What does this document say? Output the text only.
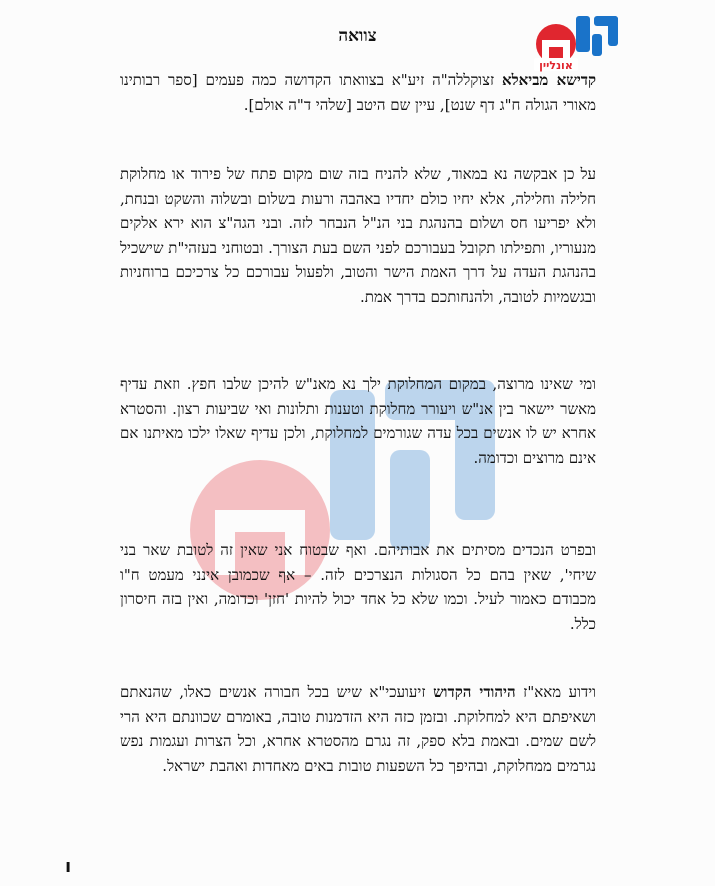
אונליין
צוואה
קדישא מביאלא זצוקללה"ה זיע"א בצוואתו הקדושה כמה פעמים [ספר רבותינו מאורי הגולה ח"ג דף שנט], עיין שם היטב [שלהי ד"ה אולם].
על כן אבקשה נא במאוד, שלא להניח בזה שום מקום פתח של פירוד או מחלוקת חלילה וחלילה, אלא יחיו כולם יחדיו באהבה ורעות בשלום ובשלוה והשקט ובנחת, ולא יפריעו חס ושלום בהנהגת בני הנ"ל הנבחר לזה. ובני הגה"צ הוא ירא אלקים מנעוריו, ותפילתו תקובל בעבורכם לפני השם בעת הצורך. ובטוחני בעזהי"ת שישכיל בהנהגת העדה על דרך האמת הישר והטוב, ולפעול עבורכם כל צרכיכם ברוחניות ובגשמיות לטובה, ולהנחותכם בדרך אמת.
ומי שאינו מרוצה, במקום המחלוקת ילך נא מאנ"ש להיכן שלבו חפץ. וזאת עדיף מאשר יישאר בין אנ"ש ויעורר מחלוקת וטענות ותלונות ואי שביעות רצון. והסטרא אחרא יש לו אנשים בכל עדה שגורמים למחלוקת, ולכן עדיף שאלו ילכו מאיתנו אם אינם מרוצים וכדומה.
ובפרט הנכדים מסיתים את אבותיהם. ואף שבטוח אני שאין זה לטובת שאר בני שיחי', שאין בהם כל הסגולות הנצרכים לזה. – אף שכמובן אינני מעמט ח"ו מכבודם כאמור לעיל. וכמו שלא כל אחד יכול להיות 'חזן' וכדומה, ואין בזה חיסרון כלל.
וידוע מאא"ז היהודי הקדוש זיעועכי"א שיש בכל חבורה אנשים כאלו, שהנאתם ושאיפתם היא למחלוקת. ובזמן כזה היא הזדמנות טובה, באומרם שכוונתם היא הרי לשם שמים. ובאמת בלא ספק, זה נגרם מהסטרא אחרא, וכל הצרות ועגמות נפש נגרמים ממחלוקת, ובהיפך כל השפעות טובות באים מאחדות ואהבת ישראל.
ו
